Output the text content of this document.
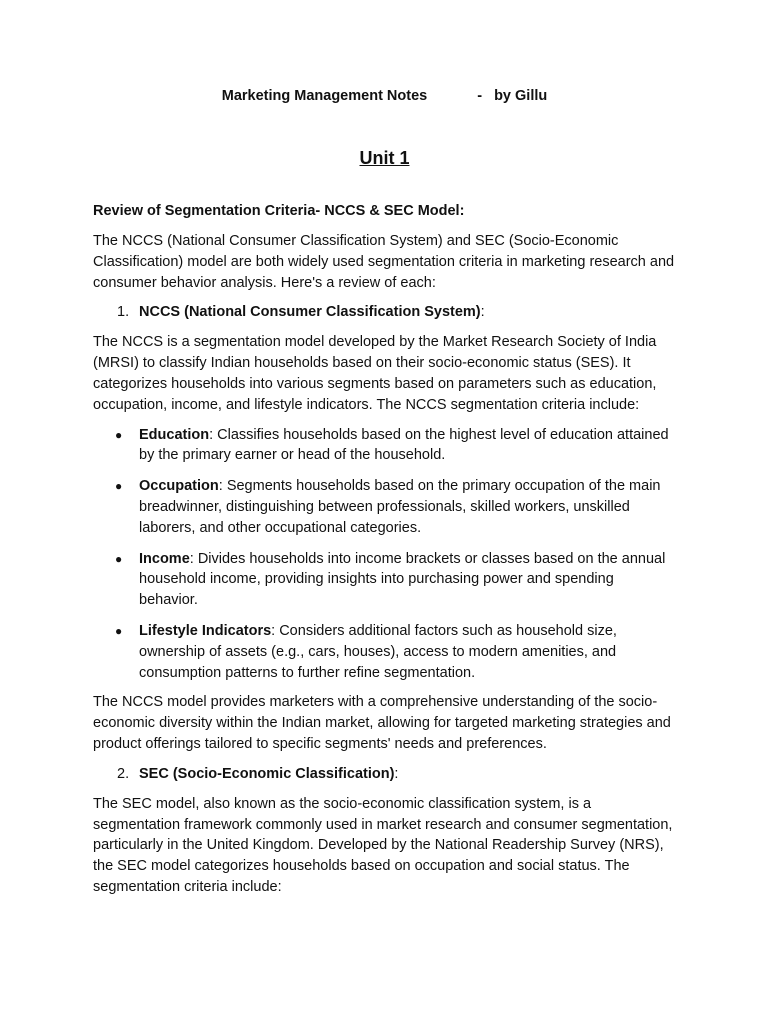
Marketing Management Notes	- by Gillu
Unit 1
Review of Segmentation Criteria- NCCS & SEC Model:

The NCCS (National Consumer Classification System) and SEC (Socio-Economic Classification) model are both widely used segmentation criteria in marketing research and consumer behavior analysis. Here's a review of each:

1. NCCS (National Consumer Classification System):

The NCCS is a segmentation model developed by the Market Research Society of India (MRSI) to classify Indian households based on their socio-economic status (SES). It categorizes households into various segments based on parameters such as education, occupation, income, and lifestyle indicators. The NCCS segmentation criteria include:

●	Education: Classifies households based on the highest level of education attained by the primary earner or head of the household.
●	Occupation: Segments households based on the primary occupation of the main breadwinner, distinguishing between professionals, skilled workers, unskilled laborers, and other occupational categories.
●	Income: Divides households into income brackets or classes based on the annual household income, providing insights into purchasing power and spending behavior.
●	Lifestyle Indicators: Considers additional factors such as household size, ownership of assets (e.g., cars, houses), access to modern amenities, and consumption patterns to further refine segmentation.

The NCCS model provides marketers with a comprehensive understanding of the socio-economic diversity within the Indian market, allowing for targeted marketing strategies and product offerings tailored to specific segments' needs and preferences.

2. SEC (Socio-Economic Classification):

The SEC model, also known as the socio-economic classification system, is a segmentation framework commonly used in market research and consumer segmentation, particularly in the United Kingdom. Developed by the National Readership Survey (NRS), the SEC model categorizes households based on occupation and social status. The segmentation criteria include:
